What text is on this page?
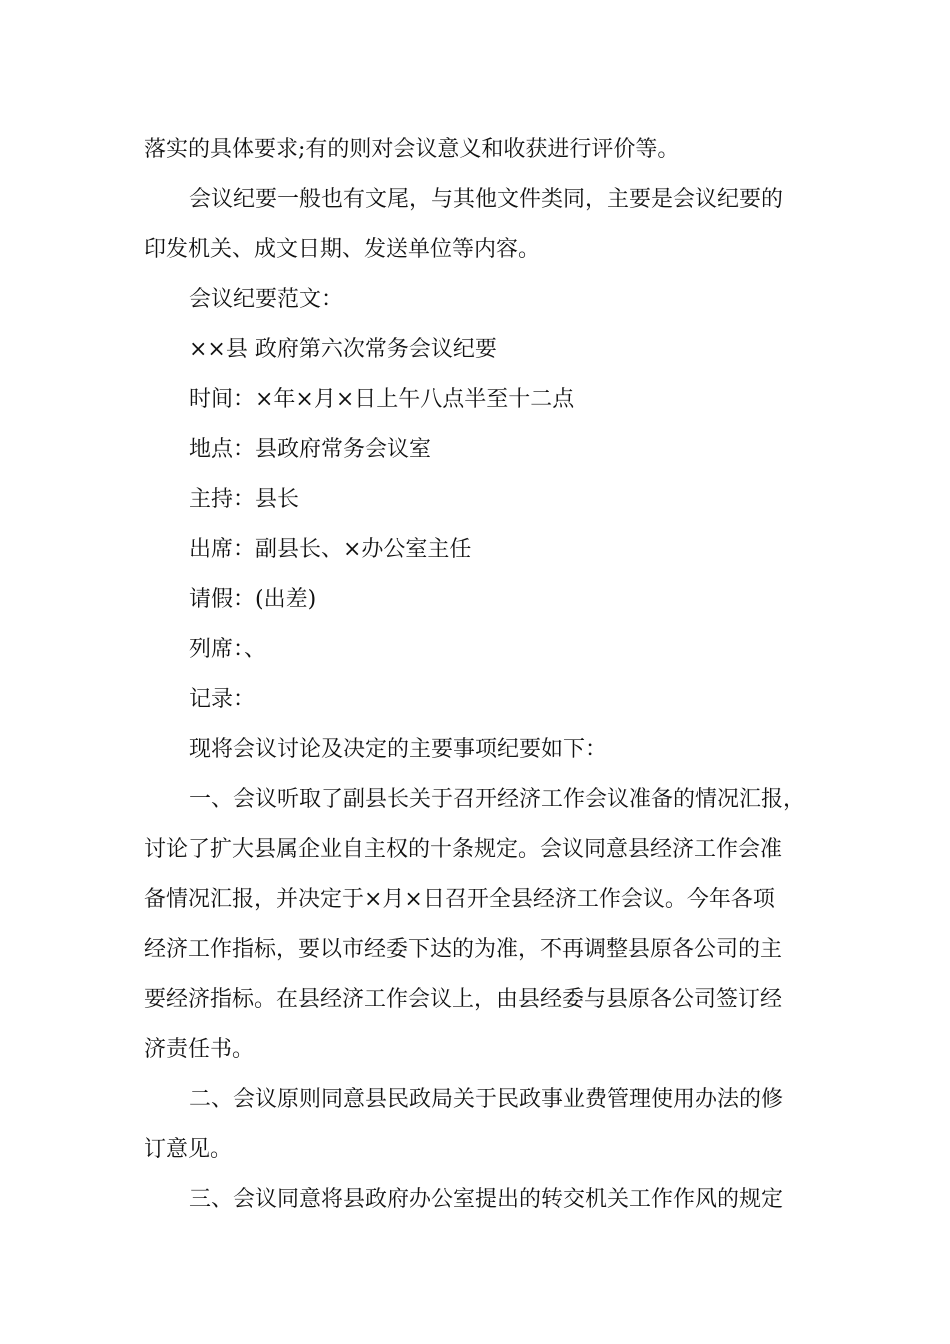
落实的具体要求;有的则对会议意义和收获进行评价等。
会议纪要一般也有文尾，与其他文件类同，主要是会议纪要的
印发机关、成文日期、发送单位等内容。
会议纪要范文：
××县 政府第六次常务会议纪要
时间：×年×月×日上午八点半至十二点
地点：县政府常务会议室
主持：县长
出席：副县长、×办公室主任
请假：(出差)
列席：、
记录：
现将会议讨论及决定的主要事项纪要如下：
一、会议听取了副县长关于召开经济工作会议准备的情况汇报，
讨论了扩大县属企业自主权的十条规定。会议同意县经济工作会准
备情况汇报，并决定于×月×日召开全县经济工作会议。今年各项
经济工作指标，要以市经委下达的为准，不再调整县原各公司的主
要经济指标。在县经济工作会议上，由县经委与县原各公司签订经
济责任书。
二、会议原则同意县民政局关于民政事业费管理使用办法的修
订意见。
三、会议同意将县政府办公室提出的转交机关工作作风的规定
